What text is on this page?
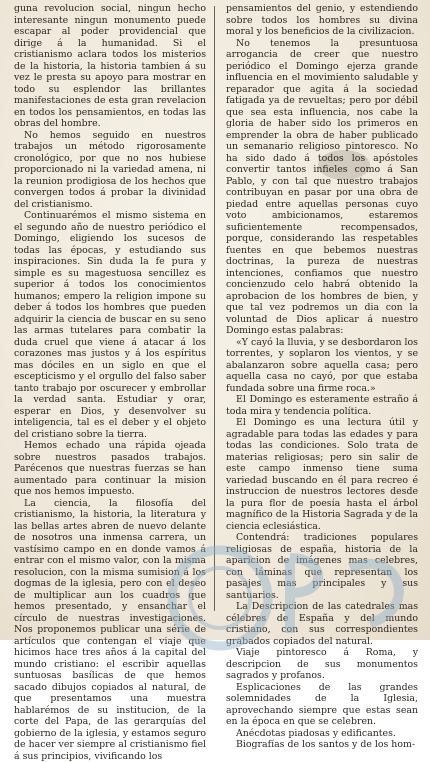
guna revolucion social, ningun hecho interesante ningun monumento puede escapar al poder providencial que dirige á la humanidad. Si el cristianismo aclara todos los misterios de la historia, la historia tambien á su vez le presta su apoyo para mostrar en todo su esplendor las brillantes manifestaciones de esta gran revelacion en todos los pensamientos, en todas las obras del hombre.

No hemos seguido en nuestros trabajos un método rigorosamente cronológico, por que no nos hubiese proporcionado ni la variedad amena, ni la reunion prodigiosa de los hechos que convergen todos á probar la divinidad del cristianismo.

Continuarémos el mismo sistema en el segundo año de nuestro periódico el Domingo, eligiendo los sucesos de todas las épocas, y estudiando sus inspiraciones. Sin duda la fe pura y simple es su magestuosa sencillez es superior á todos los conocimientos humanos; empero la religion impone su deber á todos los hombres que pueden adquirir la ciencia de buscar en su seno las armas tutelares para combatir la duda cruel que viene á atacar á los corazones mas justos y á los espíritus mas dóciles en un siglo en que el escepticismo y el orgullo del falso saber tanto trabajo por oscurecer y embrollar la verdad santa. Estudiar y orar, esperar en Dios, y desenvolver su inteligencia, tal es el deber y el objeto del cristiano sobre la tierra.

Hemos echado una rápida ojeada sobre nuestros pasados trabajos. Parécenos que nuestras fuerzas se han aumentado para continuar la mision que nos hemos impuesto.

La ciencia, la filosofía del cristianismo, la historia, la literatura y las bellas artes abren de nuevo delante de nosotros una inmensa carrera, un vastísimo campo en en donde vamos á entrar con el mismo valor, con la misma resolucion, con la misma sumision á los dogmas de la iglesia, pero con el deseo de multiplicar aun los cuadros que hemos presentado, y ensanchar el círculo de nuestras investigaciones. Nos proponemos publicar una série de artículos que contengan el viaje que hicimos hace tres años á la capital del mundo cristiano: el escribir aquellas suntuosas basílicas de que hemos sacado dibujos copiados al natural, de que presentamos una muestra hablarémos de su institucion, de la corte del Papa, de las gerarquías del gobierno de la iglesia, y estamos seguro de hacer ver siempre al cristianismo fiel á sus principios, vivificando los

pensamientos del genio, y estendiendo sobre todos los hombres su divina moral y los beneficios de la civilizacion.

No tenemos la presuntuosa arrogancia de creer que nuestro periódico el Domingo ejerza grande influencia en el movimiento saludable y reparador que agita á la sociedad fatigada ya de revueltas; pero por débil que sea esta influencia, nos cabe la gloria de haber sido los primeros en emprender la obra de haber publicado un semanario religioso pintoresco. No ha sido dado á todos los apóstoles convertir tantos infieles como á San Pablo, y con tal que nuestro trabajos contribuyan en pasar por una obra de piedad entre aquellas personas cuyo voto ambicionamos, estaremos suficientemente recompensados, porque, considerando las respetables fuentes en que bebemos nuestras doctrinas, la pureza de nuestras intenciones, confiamos que nuestro concienzudo celo habrá obtenido la aprobacion de los hombres de bien, y que tal vez podremos un dia con la voluntad de Dios aplicar á nuestro Domingo estas palabras:

«Y cayó la lluvia, y se desbordaron los torrentes, y soplaron los vientos, y se abalanzaron sobre aquella casa; pero aquella casa no cayó, por que estaba fundada sobre una firme roca.»

El Domingo es esteramente estraño á toda mira y tendencia política.

El Domingo es una lectura útil y agradable para todas las edades y para todas las condiciones. Solo trata de materias religiosas; pero sin salir de este campo inmenso tiene suma variedad buscando en él para recreo é instruccion de nuestros lectores desde la pura flor de poesía hasta el árbol magnífico de la Historia Sagrada y de la ciencia eclesiástica.

Contendrá: tradiciones populares religiosas de españa, historia de la aparicion de imágenes mas celebres, con láminas que representan los pasajes mas principales y sus santuarios.

La Descripcion de las catedrales mas célebres de España y del mundo cristiano, con sus correspondientes grabados copiados del natural.

Viaje pintoresco á Roma, y descripcion de sus monumentos sagrados y profanos.

Esplicaciones de las grandes solemnidades de la Iglesia, aprovechando siempre que estas sean en la época en que se celebren.

Anécdotas piadosas y edificantes.

Biografías de los santos y de los hom-
